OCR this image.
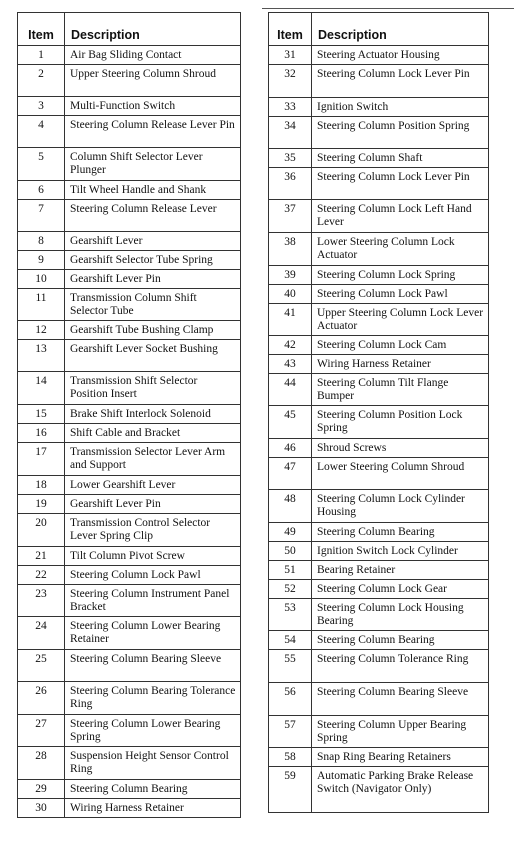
Item	Description
1	Air Bag Sliding Contact
2	Upper Steering Column Shroud
3	Multi-Function Switch
4	Steering Column Release Lever Pin
5	Column Shift Selector Lever Plunger
6	Tilt Wheel Handle and Shank
7	Steering Column Release Lever
8	Gearshift Lever
9	Gearshift Selector Tube Spring
10	Gearshift Lever Pin
11	Transmission Column Shift Selector Tube
12	Gearshift Tube Bushing Clamp
13	Gearshift Lever Socket Bushing
14	Transmission Shift Selector Position Insert
15	Brake Shift Interlock Solenoid
16	Shift Cable and Bracket
17	Transmission Selector Lever Arm and Support
18	Lower Gearshift Lever
19	Gearshift Lever Pin
20	Transmission Control Selector Lever Spring Clip
21	Tilt Column Pivot Screw
22	Steering Column Lock Pawl
23	Steering Column Instrument Panel Bracket
24	Steering Column Lower Bearing Retainer
25	Steering Column Bearing Sleeve
26	Steering Column Bearing Tolerance Ring
27	Steering Column Lower Bearing Spring
28	Suspension Height Sensor Control Ring
29	Steering Column Bearing
30	Wiring Harness Retainer
Item	Description
31	Steering Actuator Housing
32	Steering Column Lock Lever Pin
33	Ignition Switch
34	Steering Column Position Spring
35	Steering Column Shaft
36	Steering Column Lock Lever Pin
37	Steering Column Lock Left Hand Lever
38	Lower Steering Column Lock Actuator
39	Steering Column Lock Spring
40	Steering Column Lock Pawl
41	Upper Steering Column Lock Lever Actuator
42	Steering Column Lock Cam
43	Wiring Harness Retainer
44	Steering Column Tilt Flange Bumper
45	Steering Column Position Lock Spring
46	Shroud Screws
47	Lower Steering Column Shroud
48	Steering Column Lock Cylinder Housing
49	Steering Column Bearing
50	Ignition Switch Lock Cylinder
51	Bearing Retainer
52	Steering Column Lock Gear
53	Steering Column Lock Housing Bearing
54	Steering Column Bearing
55	Steering Column Tolerance Ring
56	Steering Column Bearing Sleeve
57	Steering Column Upper Bearing Spring
58	Snap Ring Bearing Retainers
59	Automatic Parking Brake Release Switch (Navigator Only)
